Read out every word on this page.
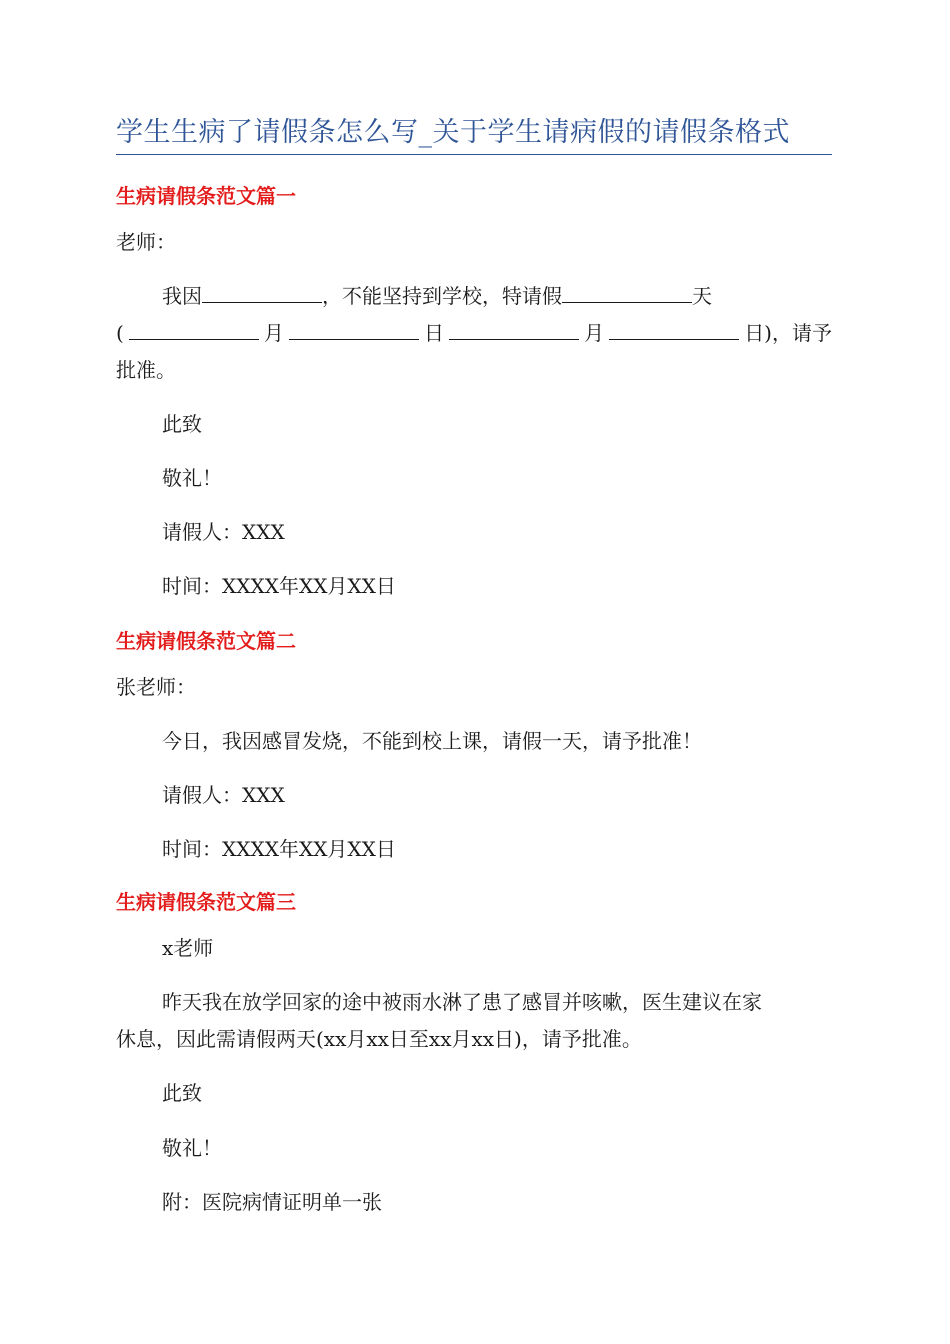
学生生病了请假条怎么写_关于学生请病假的请假条格式
生病请假条范文篇一
老师：
我因	，不能坚持到学校，特请假	天
(	月	日	月	日)，请予
批准。
此致
敬礼！
请假人：XXX
时间：XXXX年XX月XX日
生病请假条范文篇二
张老师：
今日，我因感冒发烧，不能到校上课，请假一天，请予批准！
请假人：XXX
时间：XXXX年XX月XX日
生病请假条范文篇三
x老师
昨天我在放学回家的途中被雨水淋了患了感冒并咳嗽，医生建议在家
休息，因此需请假两天(xx月xx日至xx月xx日)，请予批准。
此致
敬礼！
附：医院病情证明单一张
